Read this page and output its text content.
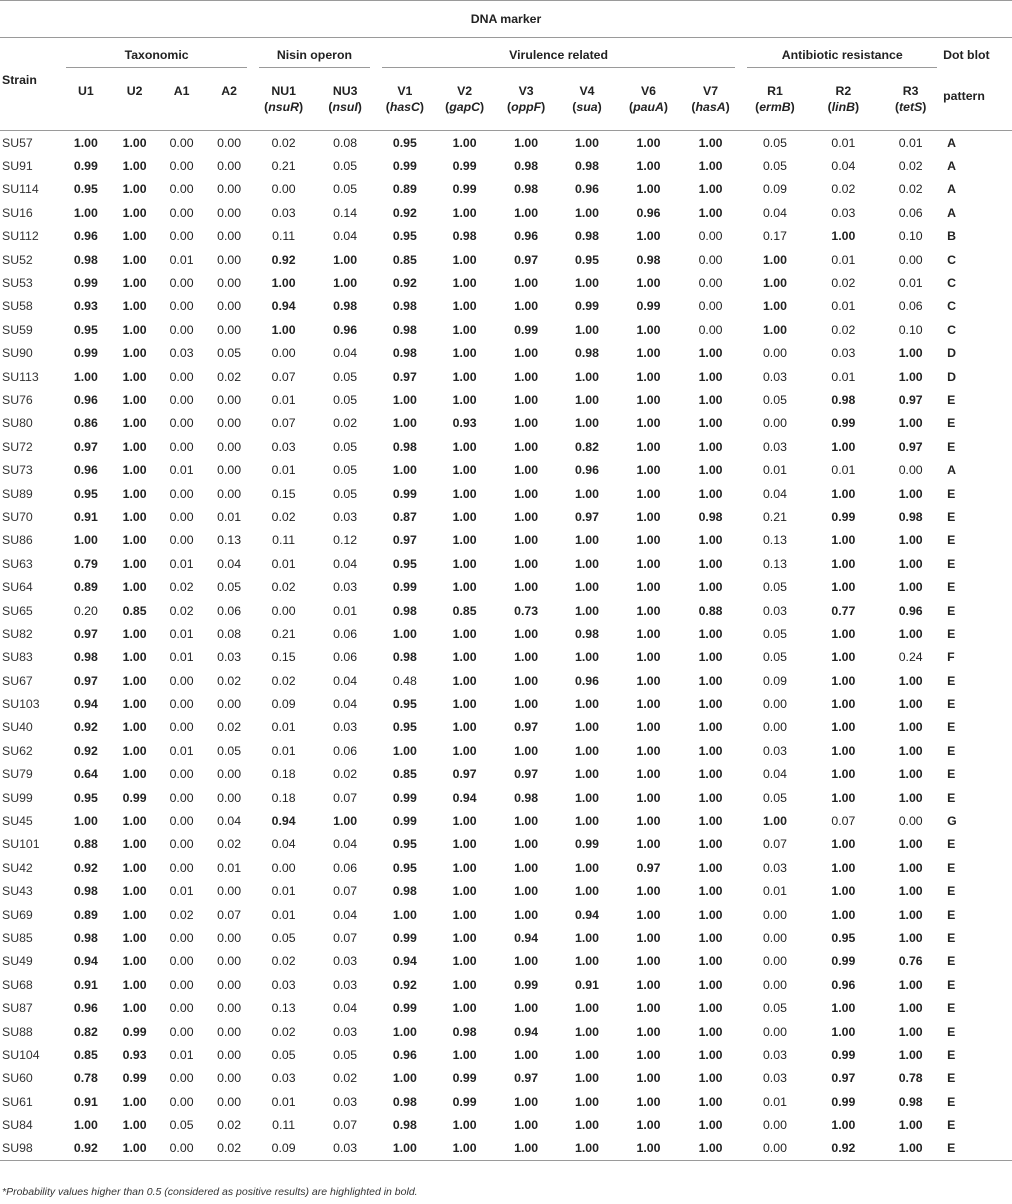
DNA marker																
Strain	Taxonomic				Nisin operon		Virulence related						Antibiotic resistance			Dot blot
	U1	U2	A1	A2	NU1	NU3	V1	V2	V3	V4	V6	V7	R1	R2	R3	pattern
					(nsuR)	(nsuI)	(hasC)	(gapC)	(oppF)	(sua)	(pauA)	(hasA)	(ermB)	(linB)	(tetS)	

SU57	1.00	1.00	0.00	0.00	0.02	0.08	0.95	1.00	1.00	1.00	1.00	1.00	0.05	0.01	0.01	A
SU91	0.99	1.00	0.00	0.00	0.21	0.05	0.99	0.99	0.98	0.98	1.00	1.00	0.05	0.04	0.02	A
SU114	0.95	1.00	0.00	0.00	0.00	0.05	0.89	0.99	0.98	0.96	1.00	1.00	0.09	0.02	0.02	A
SU16	1.00	1.00	0.00	0.00	0.03	0.14	0.92	1.00	1.00	1.00	0.96	1.00	0.04	0.03	0.06	A
SU112	0.96	1.00	0.00	0.00	0.11	0.04	0.95	0.98	0.96	0.98	1.00	0.00	0.17	1.00	0.10	B
SU52	0.98	1.00	0.01	0.00	0.92	1.00	0.85	1.00	0.97	0.95	0.98	0.00	1.00	0.01	0.00	C
SU53	0.99	1.00	0.00	0.00	1.00	1.00	0.92	1.00	1.00	1.00	1.00	0.00	1.00	0.02	0.01	C
SU58	0.93	1.00	0.00	0.00	0.94	0.98	0.98	1.00	1.00	0.99	0.99	0.00	1.00	0.01	0.06	C
SU59	0.95	1.00	0.00	0.00	1.00	0.96	0.98	1.00	0.99	1.00	1.00	0.00	1.00	0.02	0.10	C
SU90	0.99	1.00	0.03	0.05	0.00	0.04	0.98	1.00	1.00	0.98	1.00	1.00	0.00	0.03	1.00	D
SU113	1.00	1.00	0.00	0.02	0.07	0.05	0.97	1.00	1.00	1.00	1.00	1.00	0.03	0.01	1.00	D
SU76	0.96	1.00	0.00	0.00	0.01	0.05	1.00	1.00	1.00	1.00	1.00	1.00	0.05	0.98	0.97	E
SU80	0.86	1.00	0.00	0.00	0.07	0.02	1.00	0.93	1.00	1.00	1.00	1.00	0.00	0.99	1.00	E
SU72	0.97	1.00	0.00	0.00	0.03	0.05	0.98	1.00	1.00	0.82	1.00	1.00	0.03	1.00	0.97	E
SU73	0.96	1.00	0.01	0.00	0.01	0.05	1.00	1.00	1.00	0.96	1.00	1.00	0.01	0.01	0.00	A
SU89	0.95	1.00	0.00	0.00	0.15	0.05	0.99	1.00	1.00	1.00	1.00	1.00	0.04	1.00	1.00	E
SU70	0.91	1.00	0.00	0.01	0.02	0.03	0.87	1.00	1.00	0.97	1.00	0.98	0.21	0.99	0.98	E
SU86	1.00	1.00	0.00	0.13	0.11	0.12	0.97	1.00	1.00	1.00	1.00	1.00	0.13	1.00	1.00	E
SU63	0.79	1.00	0.01	0.04	0.01	0.04	0.95	1.00	1.00	1.00	1.00	1.00	0.13	1.00	1.00	E
SU64	0.89	1.00	0.02	0.05	0.02	0.03	0.99	1.00	1.00	1.00	1.00	1.00	0.05	1.00	1.00	E
SU65	0.20	0.85	0.02	0.06	0.00	0.01	0.98	0.85	0.73	1.00	1.00	0.88	0.03	0.77	0.96	E
SU82	0.97	1.00	0.01	0.08	0.21	0.06	1.00	1.00	1.00	0.98	1.00	1.00	0.05	1.00	1.00	E
SU83	0.98	1.00	0.01	0.03	0.15	0.06	0.98	1.00	1.00	1.00	1.00	1.00	0.05	1.00	0.24	F
SU67	0.97	1.00	0.00	0.02	0.02	0.04	0.48	1.00	1.00	0.96	1.00	1.00	0.09	1.00	1.00	E
SU103	0.94	1.00	0.00	0.00	0.09	0.04	0.95	1.00	1.00	1.00	1.00	1.00	0.00	1.00	1.00	E
SU40	0.92	1.00	0.00	0.02	0.01	0.03	0.95	1.00	0.97	1.00	1.00	1.00	0.00	1.00	1.00	E
SU62	0.92	1.00	0.01	0.05	0.01	0.06	1.00	1.00	1.00	1.00	1.00	1.00	0.03	1.00	1.00	E
SU79	0.64	1.00	0.00	0.00	0.18	0.02	0.85	0.97	0.97	1.00	1.00	1.00	0.04	1.00	1.00	E
SU99	0.95	0.99	0.00	0.00	0.18	0.07	0.99	0.94	0.98	1.00	1.00	1.00	0.05	1.00	1.00	E
SU45	1.00	1.00	0.00	0.04	0.94	1.00	0.99	1.00	1.00	1.00	1.00	1.00	1.00	0.07	0.00	G
SU101	0.88	1.00	0.00	0.02	0.04	0.04	0.95	1.00	1.00	0.99	1.00	1.00	0.07	1.00	1.00	E
SU42	0.92	1.00	0.00	0.01	0.00	0.06	0.95	1.00	1.00	1.00	0.97	1.00	0.03	1.00	1.00	E
SU43	0.98	1.00	0.01	0.00	0.01	0.07	0.98	1.00	1.00	1.00	1.00	1.00	0.01	1.00	1.00	E
SU69	0.89	1.00	0.02	0.07	0.01	0.04	1.00	1.00	1.00	0.94	1.00	1.00	0.00	1.00	1.00	E
SU85	0.98	1.00	0.00	0.00	0.05	0.07	0.99	1.00	0.94	1.00	1.00	1.00	0.00	0.95	1.00	E
SU49	0.94	1.00	0.00	0.00	0.02	0.03	0.94	1.00	1.00	1.00	1.00	1.00	0.00	0.99	0.76	E
SU68	0.91	1.00	0.00	0.00	0.03	0.03	0.92	1.00	0.99	0.91	1.00	1.00	0.00	0.96	1.00	E
SU87	0.96	1.00	0.00	0.00	0.13	0.04	0.99	1.00	1.00	1.00	1.00	1.00	0.05	1.00	1.00	E
SU88	0.82	0.99	0.00	0.00	0.02	0.03	1.00	0.98	0.94	1.00	1.00	1.00	0.00	1.00	1.00	E
SU104	0.85	0.93	0.01	0.00	0.05	0.05	0.96	1.00	1.00	1.00	1.00	1.00	0.03	0.99	1.00	E
SU60	0.78	0.99	0.00	0.00	0.03	0.02	1.00	0.99	0.97	1.00	1.00	1.00	0.03	0.97	0.78	E
SU61	0.91	1.00	0.00	0.00	0.01	0.03	0.98	0.99	1.00	1.00	1.00	1.00	0.01	0.99	0.98	E
SU84	1.00	1.00	0.05	0.02	0.11	0.07	0.98	1.00	1.00	1.00	1.00	1.00	0.00	1.00	1.00	E
SU98	0.92	1.00	0.00	0.02	0.09	0.03	1.00	1.00	1.00	1.00	1.00	1.00	0.00	0.92	1.00	E

*Probability values higher than 0.5 (considered as positive results) are highlighted in bold.
